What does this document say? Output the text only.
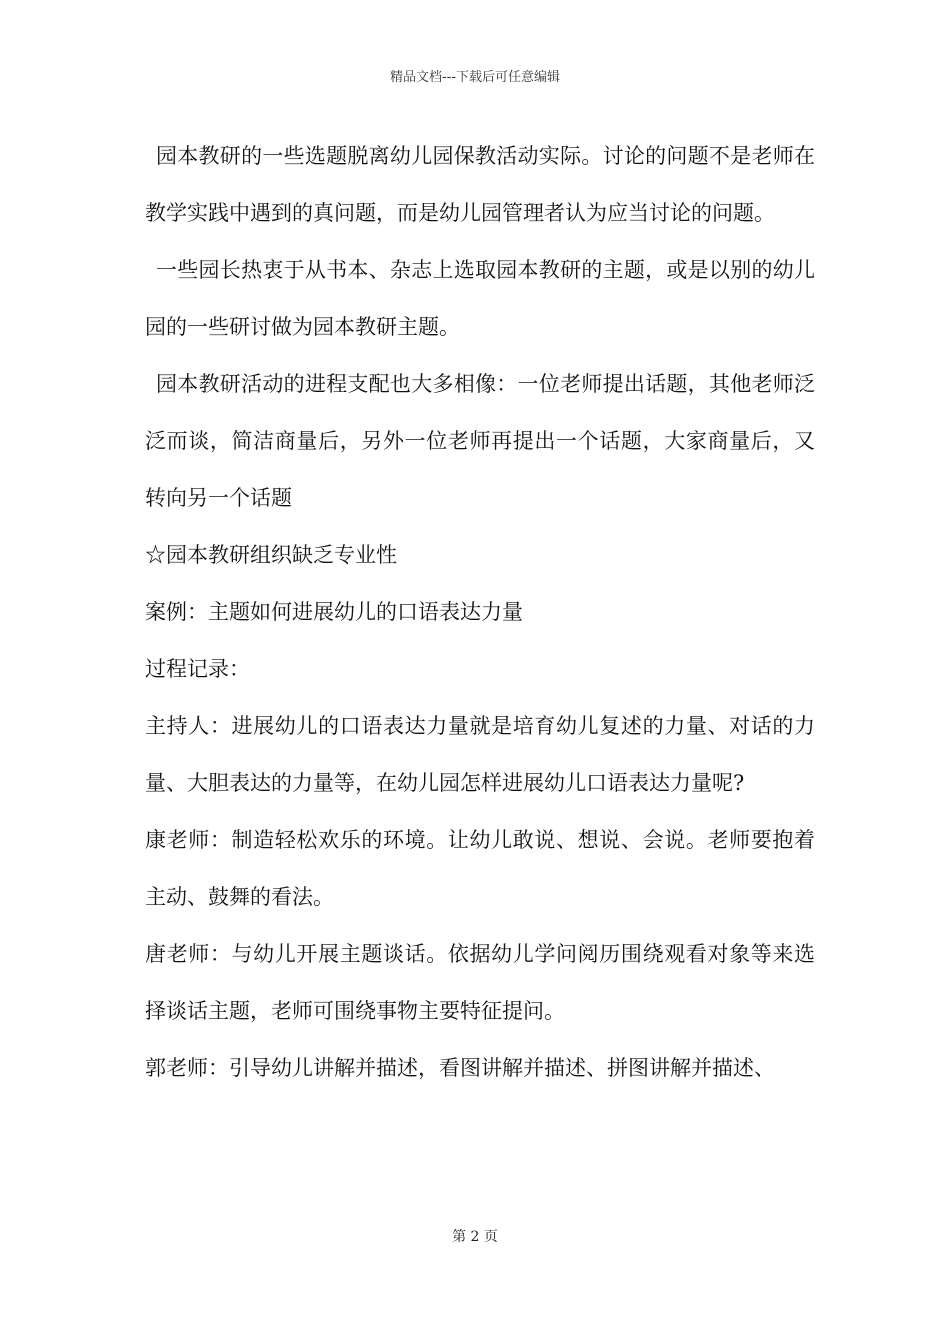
精品文档---下载后可任意编辑

园本教研的一些选题脱离幼儿园保教活动实际。讨论的问题不是老师在教学实践中遇到的真问题，而是幼儿园管理者认为应当讨论的问题。

一些园长热衷于从书本、杂志上选取园本教研的主题，或是以别的幼儿园的一些研讨做为园本教研主题。

园本教研活动的进程支配也大多相像：一位老师提出话题，其他老师泛泛而谈，简洁商量后，另外一位老师再提出一个话题，大家商量后，又转向另一个话题

☆园本教研组织缺乏专业性

案例：主题如何进展幼儿的口语表达力量

过程记录：

主持人：进展幼儿的口语表达力量就是培育幼儿复述的力量、对话的力量、大胆表达的力量等，在幼儿园怎样进展幼儿口语表达力量呢?

康老师：制造轻松欢乐的环境。让幼儿敢说、想说、会说。老师要抱着主动、鼓舞的看法。

唐老师：与幼儿开展主题谈话。依据幼儿学问阅历围绕观看对象等来选择谈话主题，老师可围绕事物主要特征提问。

郭老师：引导幼儿讲解并描述，看图讲解并描述、拼图讲解并描述、

第 2 页
